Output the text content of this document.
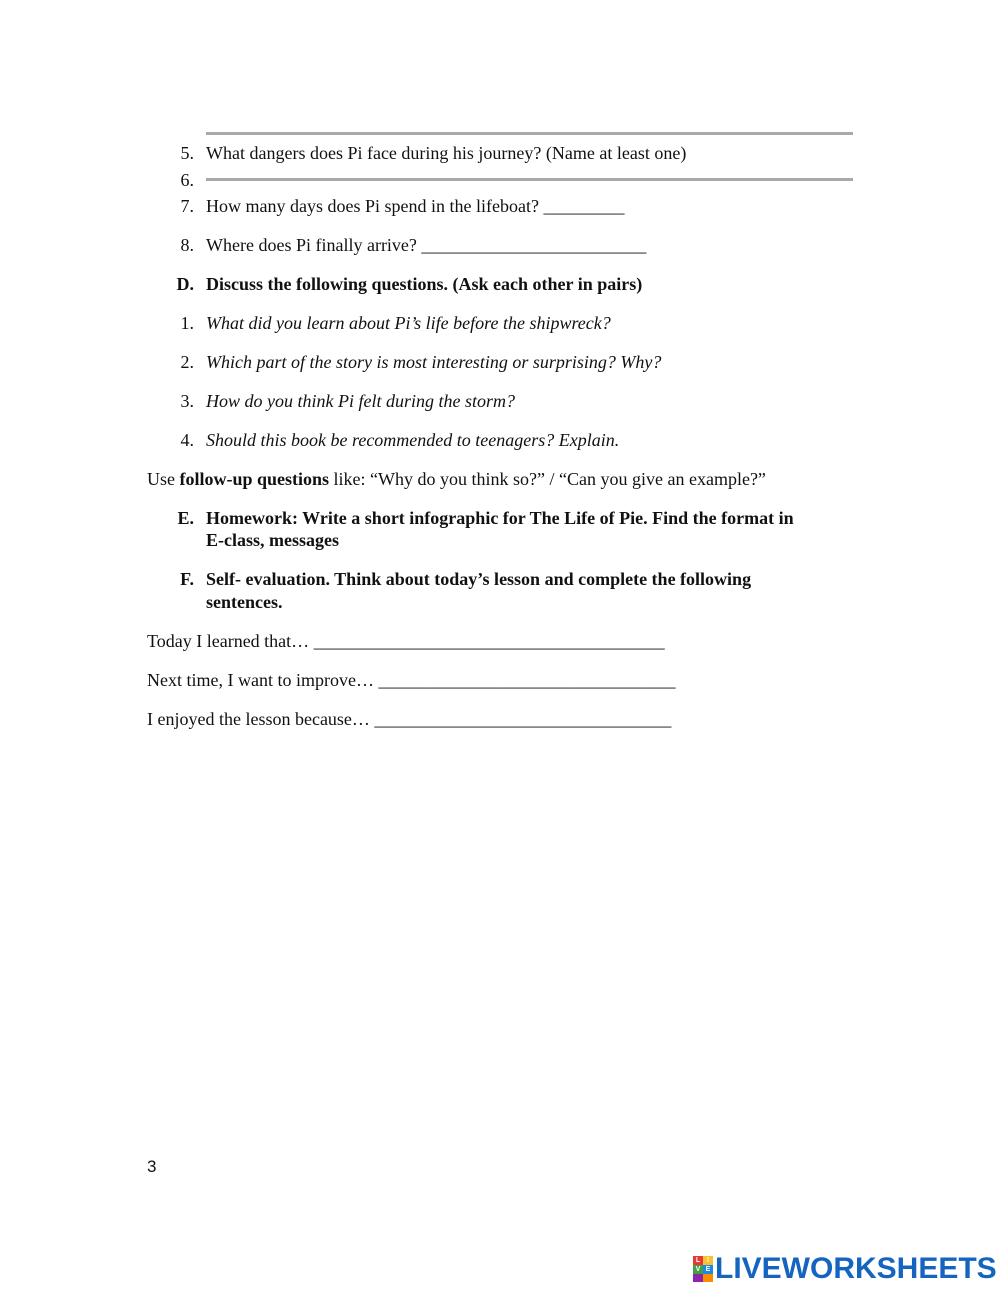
5. What dangers does Pi face during his journey? (Name at least one)
6.
7. How many days does Pi spend in the lifeboat? _________
8. Where does Pi finally arrive? _________________________
D. Discuss the following questions. (Ask each other in pairs)
1. What did you learn about Pi’s life before the shipwreck?
2. Which part of the story is most interesting or surprising? Why?
3. How do you think Pi felt during the storm?
4. Should this book be recommended to teenagers? Explain.
Use follow-up questions like: “Why do you think so?” / “Can you give an example?”
E. Homework: Write a short infographic for The Life of Pie. Find the format in
E-class, messages
F. Self- evaluation. Think about today’s lesson and complete the following
sentences.
Today I learned that… _______________________________________
Next time, I want to improve… _________________________________
I enjoyed the lesson because… _________________________________
3
L I
V E LIVEWORKSHEETS
